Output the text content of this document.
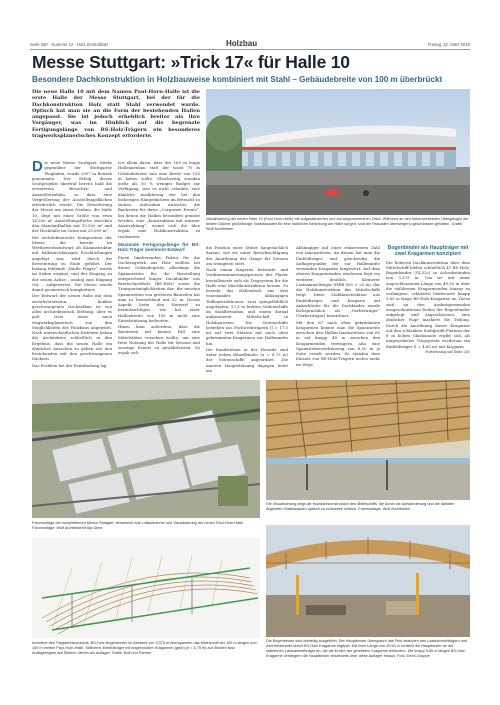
Seite 260 · Nummer 12 · Holz-Zentralblatt	Holzbau	Freitag, 22. März 2019
Messe Stuttgart: »Trick 17« für Halle 10
Besondere Dachkonstruktion in Holzbauweise kombiniert mit Stahl – Gebäudebreite von 100 m überbrückt
Die neue Halle 10 mit dem Namen Paul-Horn-Halle ist die erste Halle der Messe Stuttgart, bei der für die Dachkonstruktion Holz statt Stahl verwendet wurde. Optisch hat man sie an die Form der bestehenden Hallen angepasst. Sie ist jedoch erheblich breiter als ihre Vorgänger, was im Hinblick auf die begrenzte Fertigungslänge von BS-Holz-Trägern ein besonderes tragwerksplanerisches Konzept erforderte.

Die neue Messe Stuttgart, direkt gegenüber der Stuttgarter Flughafen, wurde 2007 in Betrieb genommen. Der Erfolg dieses Großprojekts übertraf bereits bald die erwarteten Besucher- und Ausstellerzahlen, so dass eine Vergrößerung der Ausstellungsflächen erforderlich wurde. Die Erweiterung der Messe um einen Neubau, die Halle 10, liegt mit einer Größe von etwa 16.300 m² Ausstellungsfläche zwischen den Standardhallen mit 10.500 m² und der Hochhalle im Osten mit 25.000 m².

Die architektonische Komposition der Messe, die bereits im Wettbewerbsentwurf als Kammstruktur mit halbdurchlässigen Erschließungen angelegt war, wird durch die Erweiterung zu Ende geführt. Der bislang fehlende „fünfte Finger“ wurde im Süden ergänzt, und der Eingang zu der neuen Achse – analog zum Eingang Ost – aufgewertet. Die Messe wurde damit geometrisch komplettiert.

Der Entwurf der neuen Halle mit dem zurückversetzten, konkav geschwungenen Dachaufbau ist von allen architektonisch Stellung, aber es galt trotz einer auch tragwerksplanerisch von den Möglichkeiten des Holzbaus abgeleitet. Nach unterschiedlichen Kriterien haben die Architekten schließlich in den Ergebnis, dass die neuen Halle ein ähnliches Aussehen zu geben wie den bestehenden mit den geschwungenen Dächern.

Das Problem bei der Formfindung lag

vor allem darin, dass der 165 m lange Hallenneubau statt der sonst 70 m Gebäudebreite nun eine Breite von 100 m haben sollte. Gleichzeitig standen mehr als 50 % weniger Budget zur Verfügung, was es nicht erlaubte, eine ähnliche Ausführung wie bei den bisherigen Hängedächern im Betracht zu ziehen. Außerdem wünschte die Bauherrin für ihren „Corporate Events“, bei denen die Hallen besonders genutzt werden, eine „Konstruktion mit warmer Ausstrahlung“, womit sich die Idee ergab, eine Holzkonstruktion zu realisieren.

Maximale Fertigungslänge für BS-Holz-Träger bestimmt Entwurf

Einen limitierenden Faktor für die Dachtragwerk aus Holz stellten bei dieser Gebäudegröße allerdings die Spannweiten für die Herstellung entsprechend langer Dachbinder aus Brettschichtholz (BS-Holz) sowie die Transportmöglichkeiten dar; die meisten Spannweiten von größeren Bauteilen hat man in Deutschland mit 52 m. Dieses Aspekt hatte den Entwurf zu berücksichtigen, wie hat einer Hallenbreite von 100 m nicht eine Einzelstützung bedeutete.

Hinzu kam außerdem, dass die Bauherrin auf keinen Fall eine Mittelstütze vorsehen wollte, um eine freie Nutzung der Halle für Messen und sonstige Events zu gewährleisten. So ergab sich

Visualisierung der neuen Halle 10 (Paul-Horn-Halle) mit aufgeständerten und zurückgenommenen Dach. Während an den höhenversetzten Übergängen der beiden Dächer großflächige Glasfassaden für eine natürliche Belichtung der Halle sorgen, sind die Fassaden überwiegend geschlossen gehalten. Grafik: Wulf Architekten

die Position einer Stütze hauptsächlich daraus, wie sie unter Berücksichtigung der Anordnung der Gänge für Messen am wenigsten stört.

Nach einem längeren Entwurfs- und Vordimensionierungsprozess der Planer kristallisierte sich als Tragsystem für die Halle eine Mischkonstruktion heraus. So besteht das Hallendach aus drei voneinander abhängigen Teilkonstruktionen: zwei spiegelbildlich angelegten, 17,3 m breiten Seitenschiffe im Stahlbetonbau und einem darauf aufgesetzten Mittelschiff in Holzbauweise. Die Seitenschiffe bestehen aus Fachwerkträgern (l = 17,5 m) auf zwei Stützen mit nach oben gekrümmten Kragarmen zur Hallenmitte hin.

Die Randstützen in der Fassade sind unter jedem Einzelbinder (a = 6,75 m) der Seitenschiffe angeordnet. Die inneren Hauptstützung dagegen leitet ein

Abhängiger auf einer rekurrenten Zahl von Innenstützen. An diesen hat man die Einfeldträger und gleichzeitig die Auflagerpunkte der zur Hallenmitte weisenden Kragarme hingesetzt. Auf dem oberen Kragarmenden wiederum liegt ein weiterer, deutlich kleinerer Lastsammelträger (HEB 500 × 20 m), der die Holzkonstruktion des Mittelschiffs trägt. Diese Stahlkonstruktion aus Einfeldträger und Kragarm auf Ankerblöcke für die Dachbinder wurde fachsprachlich als „Gerberträger“ (Gerberträger) bezeichnet.

Mit den 67 nach oben gekrümmten Kragarmen konnte man die Spannweite zwischen den Hallen-Innenstützen von 65 m auf knapp 48 m zwischen den Kragarmenden verringern, also eine Spannweitenverkürzung von 8,50 m je Seite erzielt werden. So standen dem Einsatz von BS-Holz-Trägern nichts mehr im Wege.

Bogenbinder als Hauptträger mit zwei Kragarmen konzipiert

Die höheren Dachkonstruktion über dem Mittelschiff bilden schließlich 47 BS-Holz-Bogenbinder (GL32c) in Achsabständen von 3,375 m. Um sie mit einer angeschlossenen Länge von 49,50 m über die stählernen Kragarmenden hinaus zu verlängern, schließen beiderseits knapp 9,65 m lange BS-Holz-Kragarme an. Diese sind an den Auskragarmenden ausgeschnittenen Enden der Bogenbinder aufgelegt und angeschlossen, eine ähnlicher Fuge markiert die Teilung. Durch die Anordnung dieser Kragarme auf den schlanken Stahlprofil-Plattens der 8 m hohen Glasfassade ergibt sich als umgeordnetes Tragsystem wiederum ein Einfeldträger (l = 4,65 m) mit Kragarm

Fortsetzung auf Seite 261

Fotomontage der komplettierten Messe Stuttgart, bestehend aus Luftaufnahme und Visualisierung der neuen Paul-Horn-Halle. Fotomontage: Wulf Architekten/Hajo Dietz
Die Visualisierung zeigt die Holzdachkonstruktion des Mittelschiffs, die durch die Aufständerung und die dahinter liegenden Glasfassaden optisch zu schweben scheint. Fotomontage: Wulf Architekten
Isometrie des Tragwerkskonzepts: BS-Holz-Bogenbinder im Abstand von 3,375 m überspannen das Mittelschiff der 165 m langen und 100 m breiten Paul-Horn-Halle. Stählerne Einfeldträger mit angeknickten Kragarmen (grün) (e = 6,75 m) auf Stützen bzw. Auflagebügeln auf Stützen dienen als Auflager. Grafik: Boll und Partner
Die Bogenbinder sind dreiteilig ausgeführt: Der Hauptbinder überspannt das Feld zwischen den Lastsammelträgern und wird beiderseits durch BS-Holz-Kragarme ergänzt. Mit einer Länge von 49,50 m schließt die Hauptbinder an die stählernen Lastsammelträger an, die die Enden der gereiteten Kragarme einbinden. Die knapp 9,65 m langen BS-Holz-Kragarme verlängern die Hauptbinder beiderseits über diese Auflager hinaus. Foto: Derix-Gruppe
